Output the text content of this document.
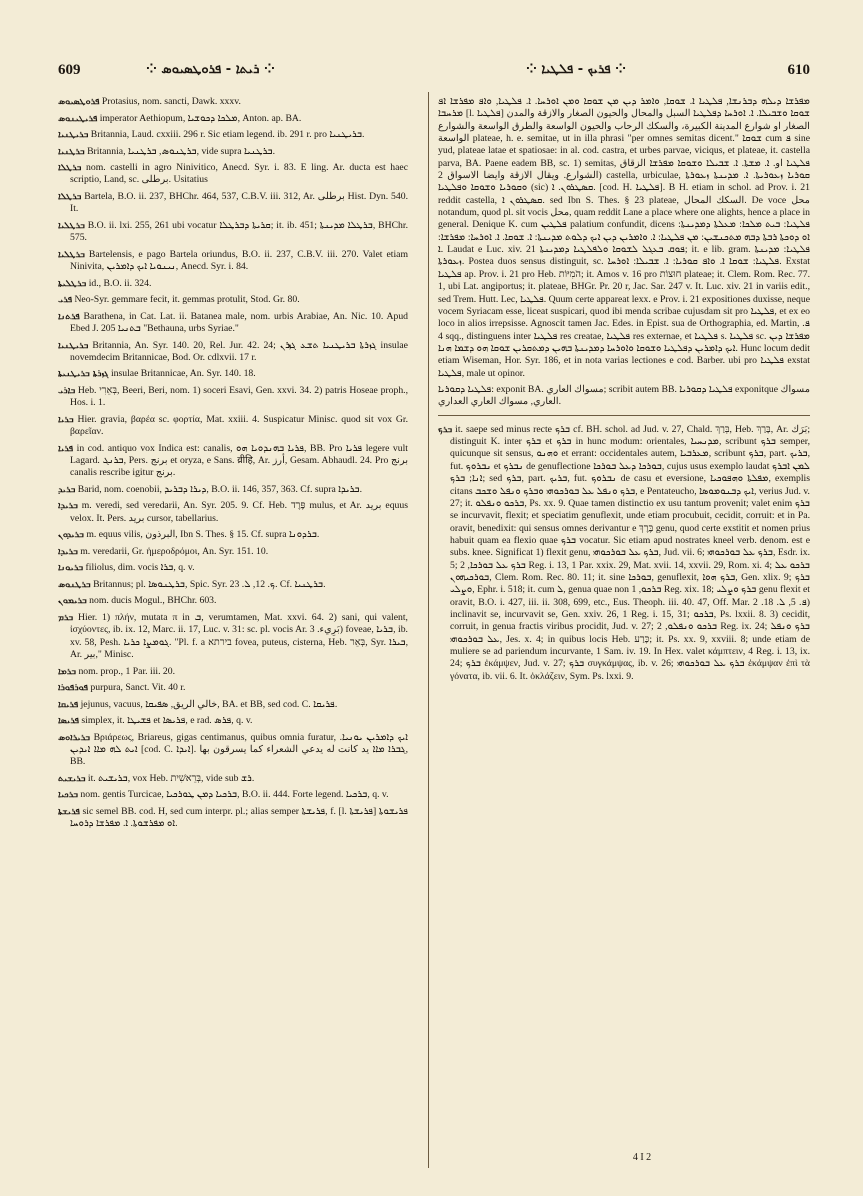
609	⁘ ܪܝܬܐ - ܦܪܘܛܣܝܘܣ ⁘	⁘ ܦܪܝܟ - ܦܠܛܝܐ ⁘	610

ܦܪܘܛܣܝܘܣ Protasius, nom. sancti, Dawk. xxxv.

ܦܪܝܛܝܢܘܣ imperator Aethiopum, ܡܠܟܐ ܕܟܘܫܝܐ, Anton. ap. BA.

ܒܪܝܛܢܝܐ Britannia, Laud. cxxiii. 296 r. Sic etiam legend. ib. 291 r. pro ܒܪܝܛܢܝܐ.

ܒܪܛܢܝܐ Britannia, ܒܪܛܢܘܣ, ܒܪܛܢܝܐ, vide supra ܒܪܛܢܝܐ.

ܒܪܛܠܐ nom. castelli in agro Ninivitico, Anecd. Syr. i. 83. E ling. Ar. ducta est haec scriptio, Land, sc. ﺑﺮﻃﻠﻰ. Usitatius

ܒܪܛܠܐ Bartela, B.O. ii. 237, BHChr. 464, 537, C.B.V. iii. 312, Ar. ﺑﺮﻃﻠﻰ Hist. Dyn. 540. It.

ܒܪܛܠܝܐ B.O. ii. lxi. 255, 261 ubi vocatur ܩܪܝܬܐ ܕܒܪܛܠܐ; it. ib. 451; ܒܪܛܠܐ ܡܕܝܢܬܐ, BHChr. 575.

ܒܪܛܠܝܐ Bartelensis, e pago Bartela oriundus, B.O. ii. 237, C.B.V. iii. 270. Valet etiam Ninivita, ܢܝܢܘܝܐ ܐܝܟ ܕܐܡܪܝܢ, Anecd. Syr. i. 84.

ܒܪܛܠܝܬܐ id., B.O. ii. 324.

ܦܪܝ Neo-Syr. gemmare fecit, it. gemmas protulit, Stod. Gr. 80.

ܦܪܬܢܐ Barathena, in Cat. Lat. ii. Batanea male, nom. urbis Arabiae, An. Nic. 10. Apud Ebed J. 205 ܒܬܢܝܐ "Bethauna, urbs Syriae."

ܒܪܝܛܢܝܐ Britannia, An. Syr. 140. 20, Rel. Jur. 42. 24; ܓܙܪܬܐ ܒܪܝܛܢܝܐ ܬܫܥ ܓܙܪܢ insulae novemdecim Britannicae, Bod. Or. cdlxvii. 17 r.

ܓܙܪܬܐ ܒܪܝܛܢܝܬܐ insulae Britannicae, An. Syr. 140. 18.

ܒܐܪܝ Heb. בְּאֵרִי, Beeri, Beri, nom. 1) soceri Esavi, Gen. xxvi. 34. 2) patris Hoseae proph., Hos. i. 1.

ܒܪܝܐ Hier. gravia, βαρέα sc. φορτία, Mat. xxiii. 4. Suspicatur Minisc. quod sit vox Gr. βαρεῖαν.

ܦܪܝܐ in cod. antiquo vox Indica est: canalis, ܦܪܝܐ ܒܗܢܕܘܝܐ ܗܘ, BB. Pro ܦܪܝܐ legere vult Lagard. ܒܪܢܓ, Pers. ﺑﺮﻧﺞ et oryza, e Sans. व्रीहि, Ar. ﺃﺭﺯ, Gesam. Abhaudl. 24. Pro ﺑﺮﻧﺞ canalis rescribe igitur ﺑﺮﻧﺞ.

ܒܪܝܕ Barid, nom. coenobii, ܕܝܪܐ ܕܒܪܝܕ, B.O. ii. 146, 357, 363. Cf. supra ܒܪܝܕܐ.

ܒܪܝܕܐ m. veredi, sed veredarii, An. Syr. 205. 9. Cf. Heb. פֶּרֶד mulus, et Ar. ﺑﺮﻳﺪ equus velox. It. Pers. ﺑﺮﻳﺪ cursor, tabellarius.

ܒܪܝܕܘܢ m. equus vilis, ﺍﻟﺒﺮﺫﻭﻥ, Ibn S. Thes. § 15. Cf. supra ܒܪܕܘܢܐ.

ܒܪܝܕܐ m. veredarii, Gr. ἡμεροδρόμοι, An. Syr. 151. 10.

ܒܪܝܘܢܐ filiolus, dim. vocis ܒܪܐ, q. v.

ܒܪܛܢܘܣ Britannus; pl. ܒܪܛܢܘܣܐ, Spic. Syr. ܟ. 12, ܠ. 23. Cf. ܒܪܛܢܝܐ.

ܒܪܝܡܘܢ nom. ducis Mogul., BHChr. 603.

ܒܪܡ Hier. 1) πλήν, mutata π in ܒ, verumtamen, Mat. xxvi. 64. 2) sani, qui valent, ἰσχύοντες, ib. ix. 12, Marc. ii. 17, Luc. v. 31: sc. pl. vocis Ar. ﺑَﺮِﻱﺀ. 3) foveae, ܒܪܝܐ, ib. xv. 58, Pesh. ܓܘܡܨܐ ܟܪܝܐ. "Pl. f. a בירתא fovea, puteus, cisterna, Heb. בְּאֵר, Syr. ܒܝܪܐ, Ar. ﺑﻴﺮ," Minisc.

ܒܪܡܐ nom. prop., 1 Par. iii. 20.

ܦܘܪܦܘܪܐ purpura, Sanct. Vit. 40 r.

ܦܪܝܩܐ jejunus, vacuus, ﺧﺎﻟﻲ ﺍﻟﺮﻳﻖ, ܣܦܝܩܐ, BA. et BB, sed cod. C. ܦܪܝܩܐ.

ܦܪܝܣܐ simplex, it. ܦܫܝܛܐ et ܦܪܝܣܐ, e rad. ܦܪܣ, q. v.

ܒܪܝܪܐܘܣ Βριάρεως, Briareus, gigas centimanus, quibus omnia furatur, ܐܝܟ ܕܐܡܪܝܢ ܝܘܢܝܐ. ܐܝܬ ܠܗ ܡܐܐ ܐܝܕܝܢ [cod. C. ܐܝܕܐ]. ܓܒܪܐ ܡܐܐ ﻳﺪ ﻛﺎﻧﺖ ﻟﻪ ﻳﺪﻋﻲ ﺍﻟﺸﻌﺮﺍﺀ ﻛﻤﺎ ﻳﺴﺮﻗﻮﻥ ﺑﻬﺎ, BB.

ܒܪܝܫܝܬ it. ܒܪܝܫܝܬ, vox Heb. בְּרֵאשִׁית, vide sub ܪܫ.

ܒܪܟܝܐ nom. gentis Turcicae, ܒܪܟܝܐ ܕܡܢ ܛܘܪܟܝܐ, B.O. ii. 444. Forte legend. ܒܪܟܝܐ, q. v.

ܦܪܝܫܬܐ sic semel BB. cod. H, sed cum interpr. pl.; alias semper ܦܪܝܫܬܐ, f. [l. ܦܪܝܫܬܐ] ܦܪܝܫܘܬܐ ܐܘ ܡܦܪܫܘܬܐ. ܐ. ܡܦܪܫܐ ܕܪܘܚܐ.

ܡܦܪܫܐ ܕܝܠܗ ܕܒܪܢܫܐ, ܦܠܛܝܐ ܐ. ܫܘܩܐ, ܘܐܡܪ ܕܝܢ ܡܢ ܫܘܩܐ ܘܡܢ ܐܘܪܚܐ. ܐ. ܦܠܛܝܐ, ܘܐܦ ܡܦܪܫܐ ܐܦ ܡܪܚܒܐ [l. ܦܠܛܝܐ] ܫܘܩܐ ܘܫܒܝܠܐ. ܐ. ܐܘܪܚܐ ܕܦܠܛܝܐ ﺍﻟﺴﺒﻞ ﻭﺍﻟﻤﺤﺎﻝ ﻭﺍﻟﺤﻴﻮﻥ ﺍﻟﺼﻐﺎﺭ ﻭﺍﻻﺯﻗﺔ ﻭﺍﻟﻤﺪﻥ ﺍﻟﺼﻐﺎﺭ ﺍﻭ ﺷﻮﺍﺭﻉ ﺍﻟﻤﺪﻳﻨﺔ ﺍﻟﻜﺒﻴﺮﺓ، ﻭﺍﻟﺴﻜﻚ ﺍﻟﺮﺣﺎﺏ ﻭﺍﻟﺤﻴﻮﻥ ﺍﻟﻮﺍﺳﻌﺔ ﻭﺍﻟﻄﺮﻕ ﺍﻟﻮﺍﺳﻌﺔ ﻭﺍﻟﺸﻮﺍﺭﻉ ﺍﻟﻮﺍﺳﻌﺔ plateae, h. e. semitae, ut in illa phrasi "per omnes semitas dicent." ܫܘܩܐ cum ܦ sine yud, plateae latae et spatiosae: in al. cod. castra, et urbes parvae, viciqus, et plateae, it. castella parva, BA. Paene eadem BB, sc. 1) semitas, ܦܠܛܝܐ ﺍﻭ. ܐ. ܡܫܬܐ. ܐ. ܫܒܝܠܐ ܘܫܘܩܐ ܡܦܪܫܐ ﺍﻟﺰﻗﺎﻕ ﺍﻟﺸﻮﺍﺭﻉ. ﻭﻳﻘﺎﻝ ﺍﻻﺯﻗﺔ ﻭﺍﻳﻀﺎ ﺍﻻﺳﻮﺍﻕ 2) castella, urbiculae, ܩܘܪܝܐ ܙܥܘܪܝܬܐ. ܐ. ܡܕܝܢܬܐ ܙܥܘܪܬܐ ܘܩܘܪܝܐ ܘܫܘܩܐ ܘܦܠܛܝܐ (sic) ܩܣܛܪܘܢ. ܐ. [cod. H. ܦܠܛܝܐ]. B H. etiam in schol. ad Prov. i. 21 reddit castella, ܩܣܛܪܘܢ ܐ. sed Ibn S. Thes. § 23 plateae, ﺍﻟﺴﻜﻚ ﺍﻟﻤﺤﺎﻝ. De voce ﻣﺤﻞ notandum, quod pl. sit vocis ﻣﺤﻞ, quam reddit Lane a place where one alights, hence a place in general. Denique K. cum ܦܠܛܝܢ palatium confundit, dicens ܦܠܛܝܐ: ܒܝܬ ܡܠܟܐ: ܡܥܠܬܐ ܕܡܕܝܢܬܐ: ܐܘ ܕܘܟܬܐ ܪܒܬܐ ܕܒܗ ܡܬܟܢܫܝܢ: ܡܢ ܦܠܛܝܐ: ܐ. ܘܐܡܪܝܢ ܕܝܢ ܐܝܟ ܕܠܘܬ ܡܕܝܢܬܐ: ܐ. ܫܘܩܐ. ܐ. ܐܘܪܚܐ: ܡܦܪܫܐ: ܐ. Laudat e Luc. xiv. 21 ܦܘܩ ܒܥܓܠ ܠܫܘܩܐ ܘܠܦܠܛܝܐ ܕܡܕܝܢܬܐ; it. e lib. gram. ܦܠܛܝܐ: ܡܕܝܢܬܐ ܙܥܘܪܬܐ. Postea duos sensus distinguit, sc. ܦܠܛܝܐ: ܫܘܩܐ ܐ. ܘܐܦ ܩܘܪܝܐ: ܐ. ܫܒܝܠܐ: ܐܘܪܚܐ. Exstat ܦܠܛܝܐ ap. Prov. i. 21 pro Heb. הֹמִיּוֹת; it. Amos v. 16 pro חוּצוֹת plateae; it. Clem. Rom. Rec. 77. 1, ubi Lat. angiportus; it. plateae, BHGr. Pr. 20 r, Jac. Sar. 247 v. It. Luc. xiv. 21 in variis edit., sed Trem. Hutt. Lec, ܦܠܛܝܐ. Quum certe appareat lexx. e Prov. i. 21 expositiones duxisse, neque vocem Syriacam esse, liceat suspicari, quod ibi menda scribae cujusdam sit pro ܦܠܛܝܐ, et ex eo loco in alios irrepsisse. Agnoscit tamen Jac. Edes. in Epist. sua de Orthographia, ed. Martin, ܦ. 4 sqq., distinguens inter ܦܠܛܝܐ res creatae, ܦܠܛܝܐ res externae, et ܦܠܛܝܐ s. ܦܠܛܝܐ sc. ܡܦܪܫܐ ܕܝܢ ܐܝܟ ܕܐܡܪܝܢ ܕܦܠܛܝܐ ܘܫܘܩܐ ܘܐܘܪܚܐ ܕܡܕܝܢܬܐ ܒܗܝܢ ܕܡܬܩܪܝܢ ܫܘܩܐ ܗܘ ܕܫܡܐ ܗܢܐ. Hunc locum dedit etiam Wiseman, Hor. Syr. 186, et in nota varias lectiones e cod. Barber. ubi pro ܦܠܛܝܐ exstat ܦܠܛܝܐ, male ut opinor.

ܦܠܛܝܐ ܕܩܘܪܝܐ: exponit BA. ﻣﺴﻮﺍﻙ ﺍﻟﻌﺎﺭﻱ; scribit autem BB. ܦܠܛܝܐ ܕܩܘܪܝܐ exponitque ﻣﺴﻮﺍﻙ ﺍﻟﻌﺎﺭﻱ, ﻣﺴﻮﺍﻙ ﺍﻟﻌﺎﺭﻱ ﺍﻟﻌﺪﺍﺭﻱ.

ܒܪܟ it. saepe sed minus recte ܒܪܟ cf. BH. schol. ad Jud. v. 27, Chald. בְּרַךְ, Heb. בָּרַךְ, Ar. ﺑَﺮَﻙ; distinguit K. inter ܒܪܟ et ܒܪܟ in hunc modum: orientales, ܡܕܢܚܝܐ, scribunt ܒܪܟ semper, quicunque sit sensus, ܘܗܢܘ et errant: occidentales autem, ܡܥܪܒܝܐ, scribunt ܒܪܟ, part. ܒܪܝܟ, fut. ܢܒܪܘܟ et ܢܒܪܟ de genuflectione ܒܘܪܟܐ ܕܥܠ ܒܘܪܟܐ, cujus usus exemplo laudat ܠܡܢ ܐܒܪܟ ܐܢܐ; ܒܪܟ; sed ܒܪܟ, part. ܒܪܝܟ, fut. ܢܒܪܘܟ de casu et eversione, ܡܦܠܬܐ ܘܗܦܘܟܝܐ, exemplis citans ܒܪܟ ܘܢܦܠ ܥܠ ܒܘܪܟܘܗܝ ܘܒܪܟ ܘܢܦܠ ܘܫܟܒ, e Pentateucho, ܐܝܟ ܕܒܢܘܡܘܣܐ, verius Jud. v. 27; it. ܒܪܟܘ ܘܢܦܠܘ, Ps. xx. 9. Quae tamen distinctio ex usu tantum provenit; valet enim ܒܪܟ se incurvavit, flexit; et speciatim genuflexit, unde etiam procubuit, cecidit, corruit: et in Pa. oravit, benedixit: qui sensus omnes derivantur e בֶּרֶךְ genu, quod certe exstitit et nomen prius habuit quam ea flexio quae ܒܪܟ vocatur. Sic etiam apud nostrates kneel verb. denom. est e subs. knee. Significat 1) flexit genu, ܒܪܟ ܥܠ ܒܘܪܟܘܗܝ, Jud. vii. 6; ܒܪܟ ܥܠ ܒܘܪܟܘܗܝ, Esdr. ix. 5; ܒܪܟ ܥܠ ܒܘܪܟܐ, 2 Reg. i. 13, 1 Par. xxix. 29, Mat. xvii. 14, xxvii. 29, Rom. xi. 4; ܒܪܟܘ ܥܠ ܒܘܪܟܝܗܘܢ, Clem. Rom. Rec. 80. 11; it. sine ܒܘܪܟܐ, genuflexit, ܒܪܟ ܗܘܐ, Gen. xlix. 9; ܒܪܟ ܘܨܠܝ, Ephr. i. 518; it. cum ܠ, genua quae non ܒܪܟܘ, 1 Reg. xix. 18; ܒܪܟ ܘܨܠܝ genu flexit et oravit, B.O. i. 427, iii. ii. 308, 699, etc., Eus. Theoph. iii. 40. 47, Off. Mar. ܦ. 5, ܠ. 18. 2) inclinavit se, incurvavit se, Gen. xxiv. 26, 1 Reg. i. 15, 31; ܒܪܟܘ, Ps. lxxii. 8. 3) cecidit, corruit, in genua fractis viribus procidit, Jud. v. 27; ܒܪܟܘ ܘܢܦܠܘ, 2 Reg. ix. 24; ܒܪܟ ܘܢܦܠ ܥܠ ܒܘܪܟܘܗܝ, Jes. x. 4; in quibus locis Heb. כָּרַע; it. Ps. xx. 9, xxviii. 8; unde etiam de muliere se ad pariendum incurvante, 1 Sam. iv. 19. In Hex. valet κάμπτειν, 4 Reg. i. 13, ix. 24; ܒܪܟ ἐκάμψεν, Jud. v. 27; ܒܪܟ συγκάμψας, ib. v. 26; ܒܪܟ ܥܠ ܒܘܪܟܘܗܝ ἐκάμψαν ἐπὶ τὰ γόνατα, ib. vii. 6. It. ὀκλάζειν, Sym. Ps. lxxi. 9.

4 I 2
